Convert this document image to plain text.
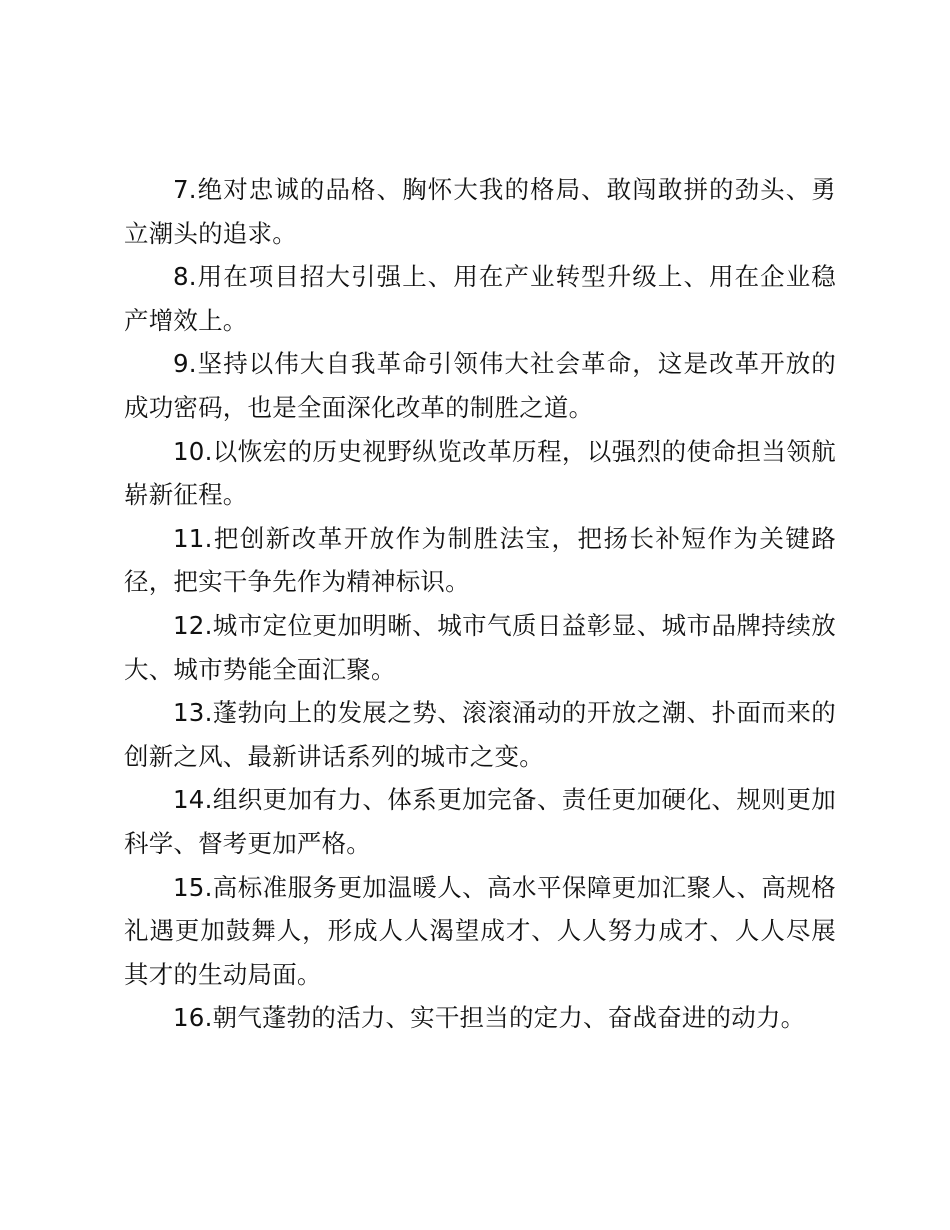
7.绝对忠诚的品格、胸怀大我的格局、敢闯敢拼的劲头、勇立潮头的追求。

8.用在项目招大引强上、用在产业转型升级上、用在企业稳产增效上。

9.坚持以伟大自我革命引领伟大社会革命，这是改革开放的成功密码，也是全面深化改革的制胜之道。

10.以恢宏的历史视野纵览改革历程，以强烈的使命担当领航崭新征程。

11.把创新改革开放作为制胜法宝，把扬长补短作为关键路径，把实干争先作为精神标识。

12.城市定位更加明晰、城市气质日益彰显、城市品牌持续放大、城市势能全面汇聚。

13.蓬勃向上的发展之势、滚滚涌动的开放之潮、扑面而来的创新之风、最新讲话系列的城市之变。

14.组织更加有力、体系更加完备、责任更加硬化、规则更加科学、督考更加严格。

15.高标准服务更加温暖人、高水平保障更加汇聚人、高规格礼遇更加鼓舞人，形成人人渴望成才、人人努力成才、人人尽展其才的生动局面。

16.朝气蓬勃的活力、实干担当的定力、奋战奋进的动力。
